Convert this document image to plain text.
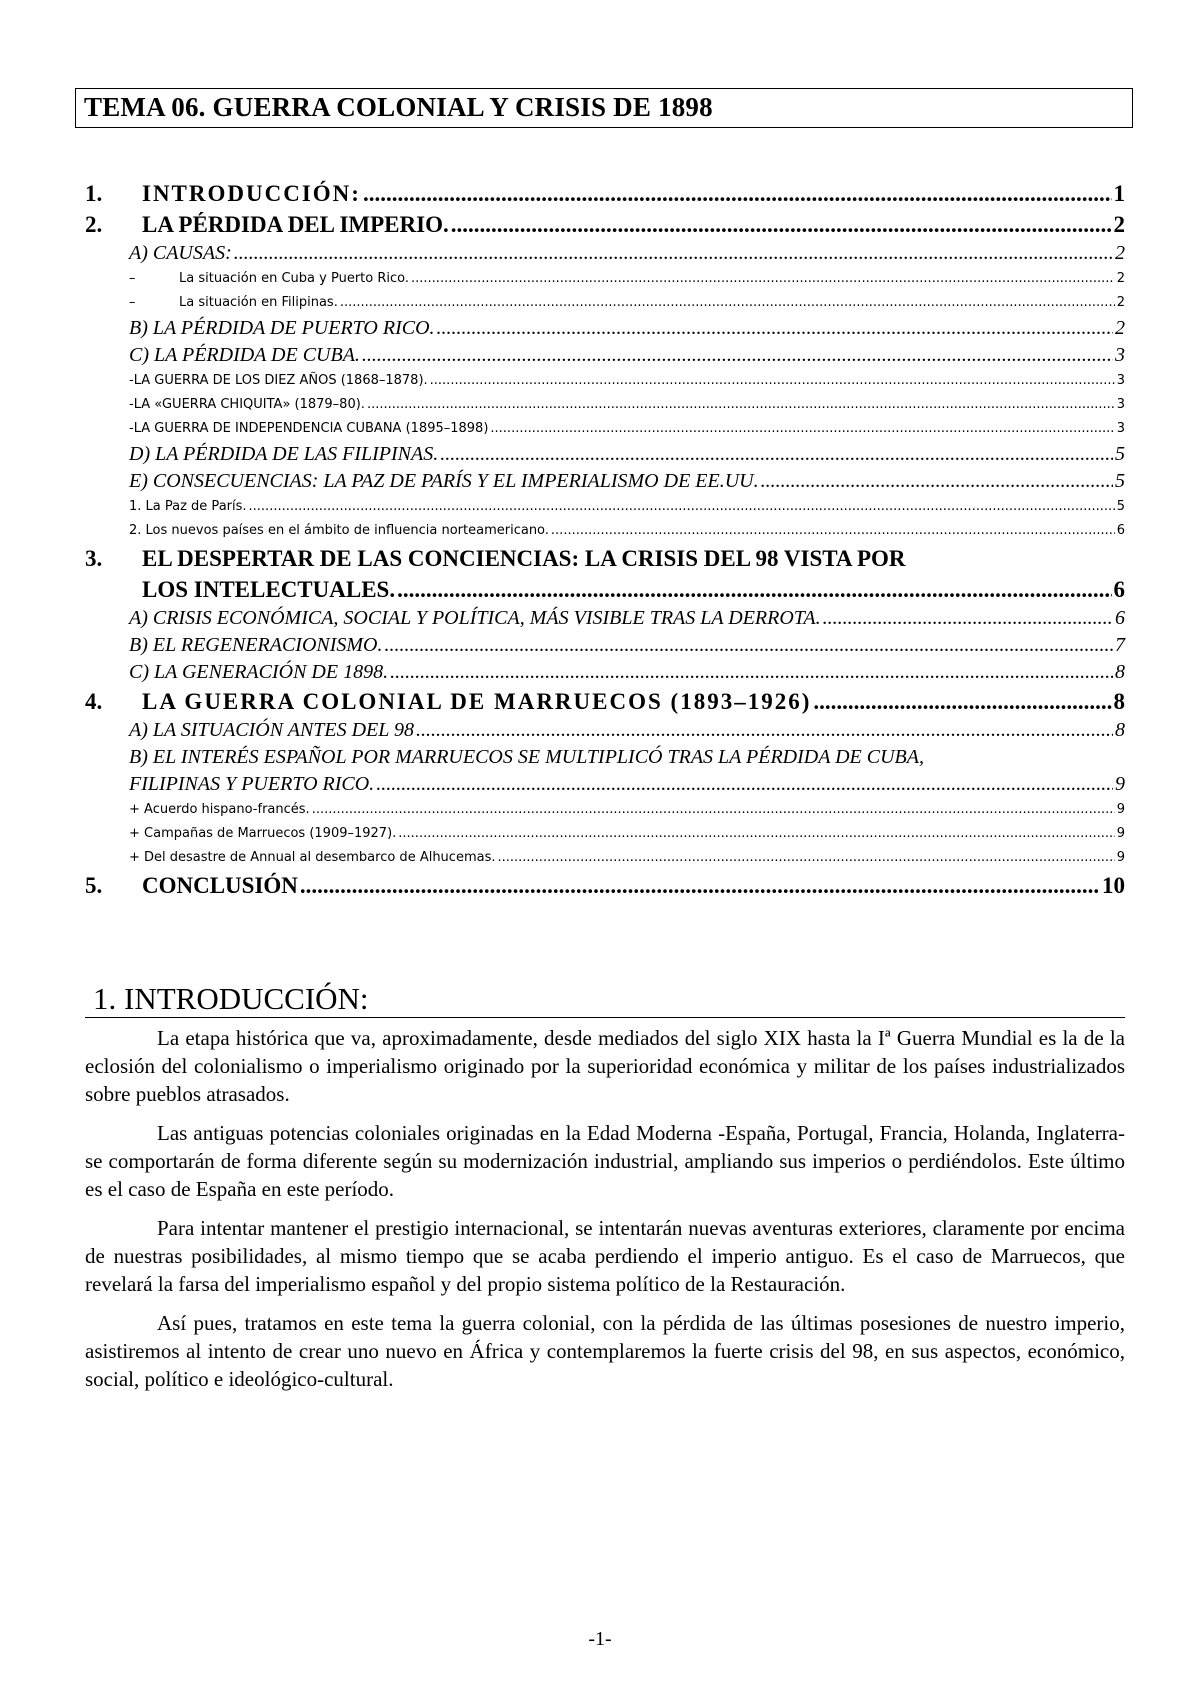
TEMA 06. GUERRA COLONIAL Y CRISIS DE 1898
1.	INTRODUCCIÓN: .....	1
2.	LA PÉRDIDA DEL IMPERIO. .....	2
A) CAUSAS: .....	2
–	La situación en Cuba y Puerto Rico. .....	2
–	La situación en Filipinas. .....	2
B) LA PÉRDIDA DE PUERTO RICO. .....	2
C) LA PÉRDIDA DE CUBA. .....	3
-LA GUERRA DE LOS DIEZ AÑOS (1868–1878). .....	3
-LA «GUERRA CHIQUITA» (1879–80). .....	3
-LA GUERRA DE INDEPENDENCIA CUBANA (1895–1898) .....	3
D) LA PÉRDIDA DE LAS FILIPINAS. .....	5
E) CONSECUENCIAS: LA PAZ DE PARÍS Y EL IMPERIALISMO DE EE.UU. .....	5
1. La Paz de París. .....	5
2. Los nuevos países en el ámbito de influencia norteamericano. .....	6
3.	EL DESPERTAR DE LAS CONCIENCIAS: LA CRISIS DEL 98 VISTA POR
LOS INTELECTUALES. .....	6
A) CRISIS ECONÓMICA, SOCIAL Y POLÍTICA, MÁS VISIBLE TRAS LA DERROTA. .....	6
B) EL REGENERACIONISMO. .....	7
C) LA GENERACIÓN DE 1898. .....	8
4.	LA GUERRA COLONIAL DE MARRUECOS (1893–1926) .....	8
A) LA SITUACIÓN ANTES DEL 98 .....	8
B) EL INTERÉS ESPAÑOL POR MARRUECOS SE MULTIPLICÓ TRAS LA PÉRDIDA DE CUBA,
FILIPINAS Y PUERTO RICO. .....	9
+ Acuerdo hispano-francés. .....	9
+ Campañas de Marruecos (1909–1927). .....	9
+ Del desastre de Annual al desembarco de Alhucemas. .....	9
5.	CONCLUSIÓN .....	10
1. INTRODUCCIÓN:

La etapa histórica que va, aproximadamente, desde mediados del siglo XIX hasta la Iª Guerra Mundial es la de la eclosión del colonialismo o imperialismo originado por la superioridad económica y militar de los países industrializados sobre pueblos atrasados.

Las antiguas potencias coloniales originadas en la Edad Moderna -España, Portugal, Francia, Holanda, Inglaterra- se comportarán de forma diferente según su modernización industrial, ampliando sus imperios o perdiéndolos. Este último es el caso de España en este período.

Para intentar mantener el prestigio internacional, se intentarán nuevas aventuras exteriores, claramente por encima de nuestras posibilidades, al mismo tiempo que se acaba perdiendo el imperio antiguo. Es el caso de Marruecos, que revelará la farsa del imperialismo español y del propio sistema político de la Restauración.

Así pues, tratamos en este tema la guerra colonial, con la pérdida de las últimas posesiones de nuestro imperio, asistiremos al intento de crear uno nuevo en África y contemplaremos la fuerte crisis del 98, en sus aspectos, económico, social, político e ideológico-cultural.

-1-
